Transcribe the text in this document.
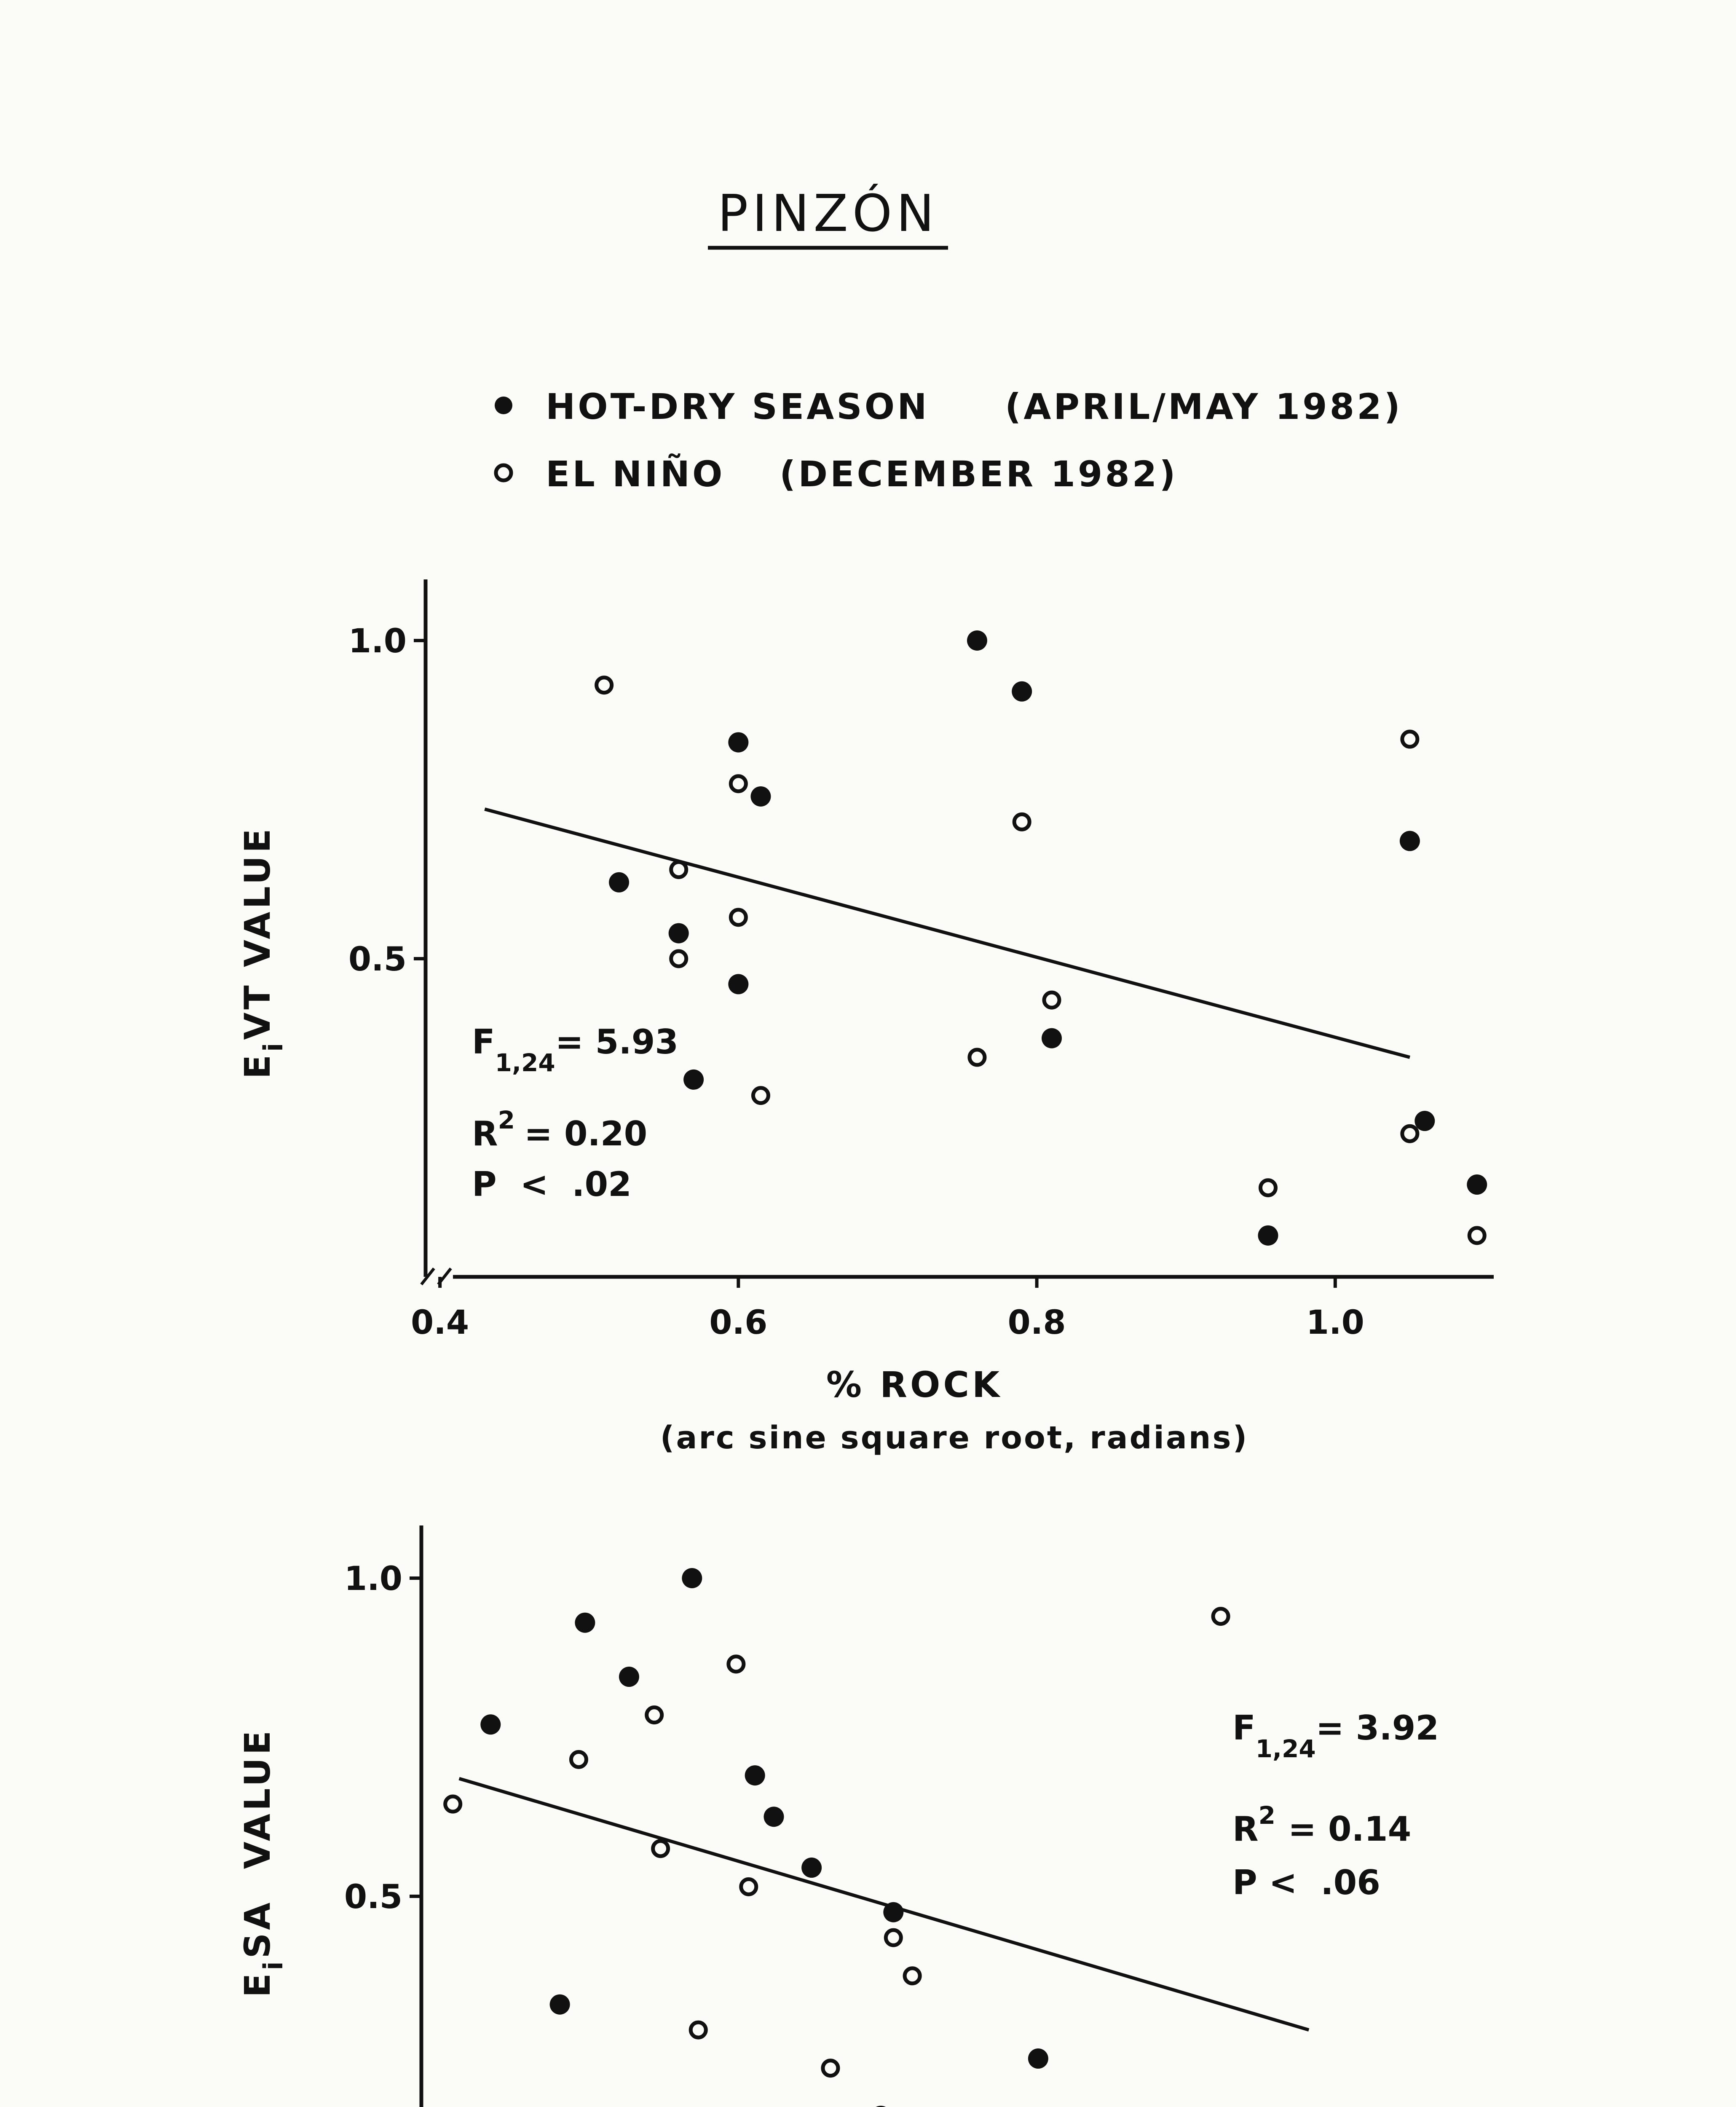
PINZÓN
HOT-DRY SEASON (APRIL/MAY 1982)
EL NIÑO (DECEMBER 1982)
0.4	0.6	0.8	1.0
0.5
1.0
$E_iVT$ VALUE
% ROCK
(arc sine square root, radians)
$F_{1,24}= 5.93$
$R^2 = 0.20$
P  <  .02
0.5
1.0
$E_iSA$  VALUE	$F_{1,24}= 3.92$
$R^2 = 0.14$
P <  .06
